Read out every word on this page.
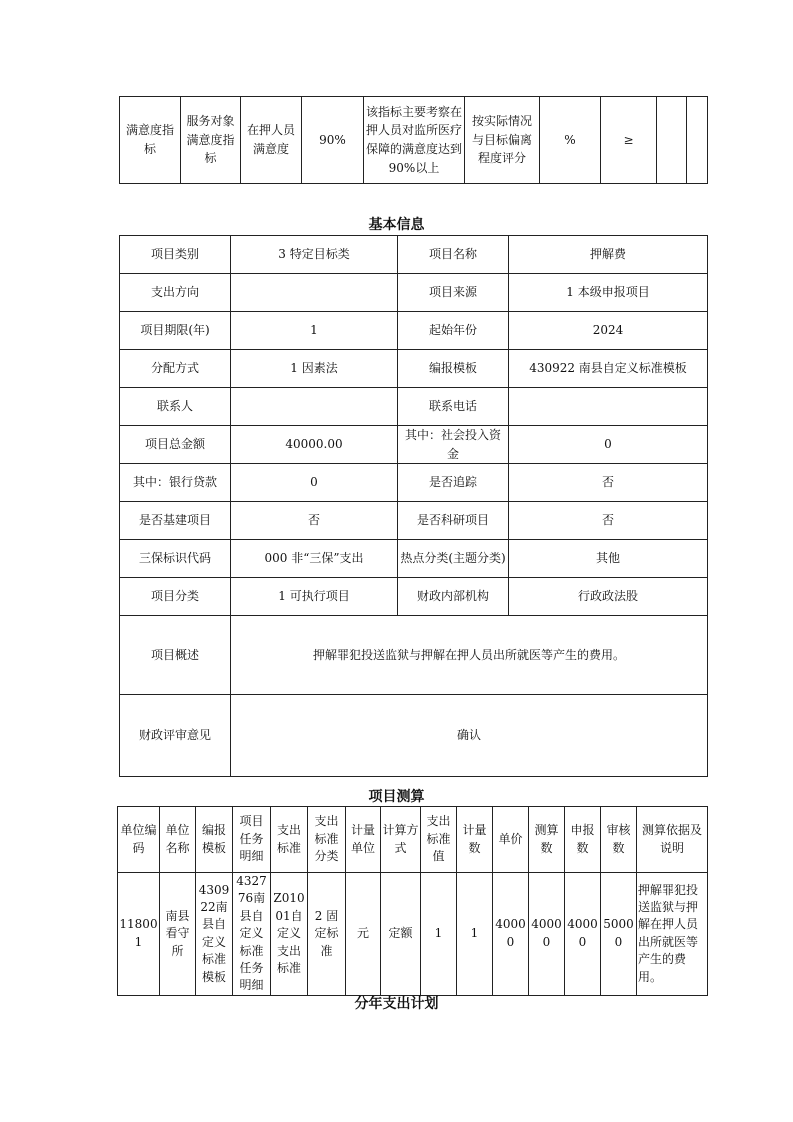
满意度指标	服务对象满意度指标	在押人员满意度	90%	该指标主要考察在押人员对监所医疗保障的满意度达到90%以上	按实际情况与目标偏离程度评分	%	≥		
基本信息
项目类别	3 特定目标类	项目名称	押解费
支出方向		项目来源	1 本级申报项目
项目期限(年)	1	起始年份	2024
分配方式	1 因素法	编报模板	430922 南县自定义标准模板
联系人		联系电话	
项目总金额	40000.00	其中：社会投入资金	0
其中：银行贷款	0	是否追踪	否
是否基建项目	否	是否科研项目	否
三保标识代码	000 非“三保”支出	热点分类(主题分类)	其他
项目分类	1 可执行项目	财政内部机构	行政政法股
项目概述	押解罪犯投送监狱与押解在押人员出所就医等产生的费用。		
财政评审意见	确认		
项目测算
单位编码	单位名称	编报模板	项目任务明细	支出标准	支出标准分类	计量单位	计算方式	支出标准值	计量数	单价	测算数	申报数	审核数	测算依据及说明
118001	南县看守所	430922南县自定义标准模板	432776南县自定义标准任务明细	Z01001自定义支出标准	2 固定标准	元	定额	1	1	40000	40000	40000	50000	押解罪犯投送监狱与押解在押人员出所就医等产生的费用。
分年支出计划
